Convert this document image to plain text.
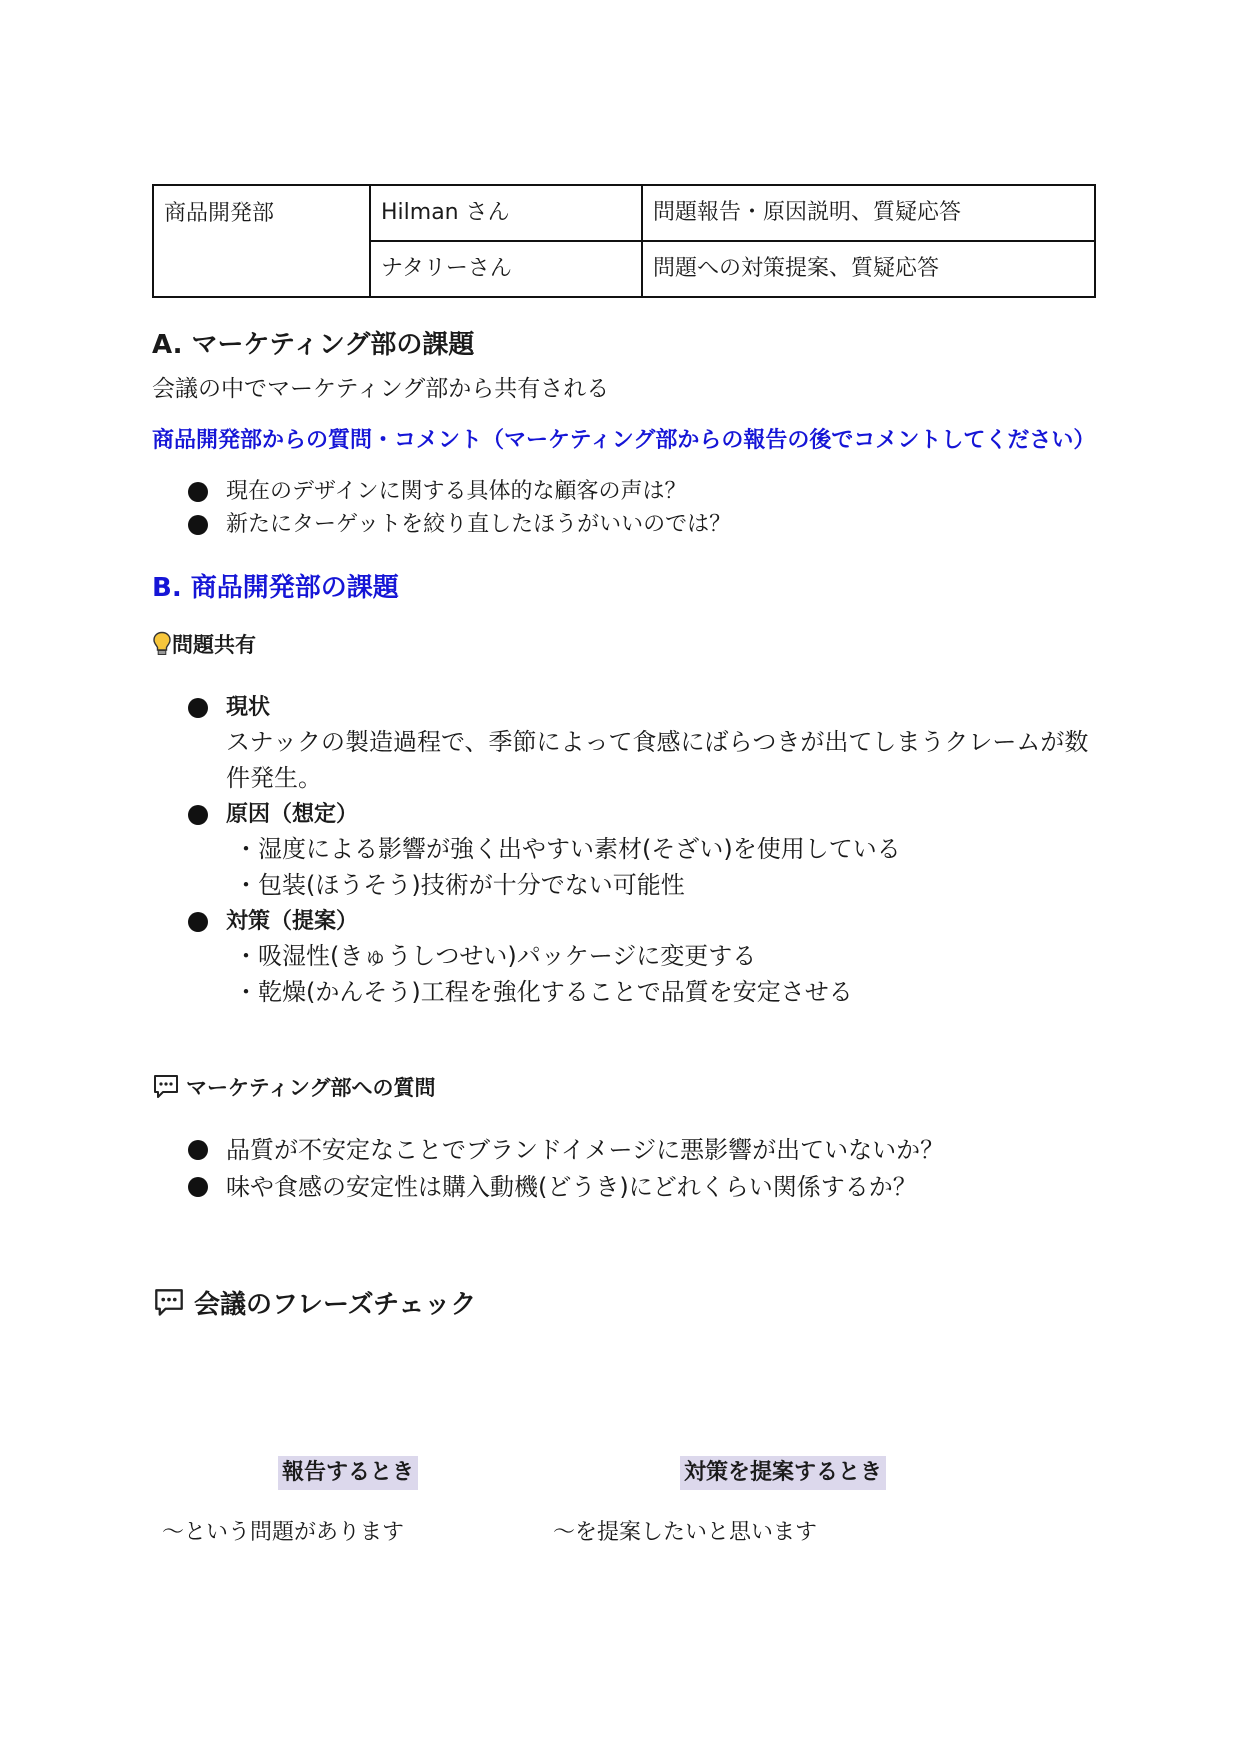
商品開発部	Hilman さん	問題報告・原因説明、質疑応答
	ナタリーさん	問題への対策提案、質疑応答
A. マーケティング部の課題
会議の中でマーケティング部から共有される
商品開発部からの質問・コメント（マーケティング部からの報告の後でコメントしてください）
現在のデザインに関する具体的な顧客の声は？
新たにターゲットを絞り直したほうがいいのでは？
B. 商品開発部の課題
問題共有
現状
スナックの製造過程で、季節によって食感にばらつきが出てしまうクレームが数件発生。
原因（想定）
・湿度による影響が強く出やすい素材(そざい)を使用している
・包装(ほうそう)技術が十分でない可能性
対策（提案）
・吸湿性(きゅうしつせい)パッケージに変更する
・乾燥(かんそう)工程を強化することで品質を安定させる
マーケティング部への質問
品質が不安定なことでブランドイメージに悪影響が出ていないか？
味や食感の安定性は購入動機(どうき)にどれくらい関係するか？
会議のフレーズチェック
報告するとき
〜という問題があります
対策を提案するとき
〜を提案したいと思います
